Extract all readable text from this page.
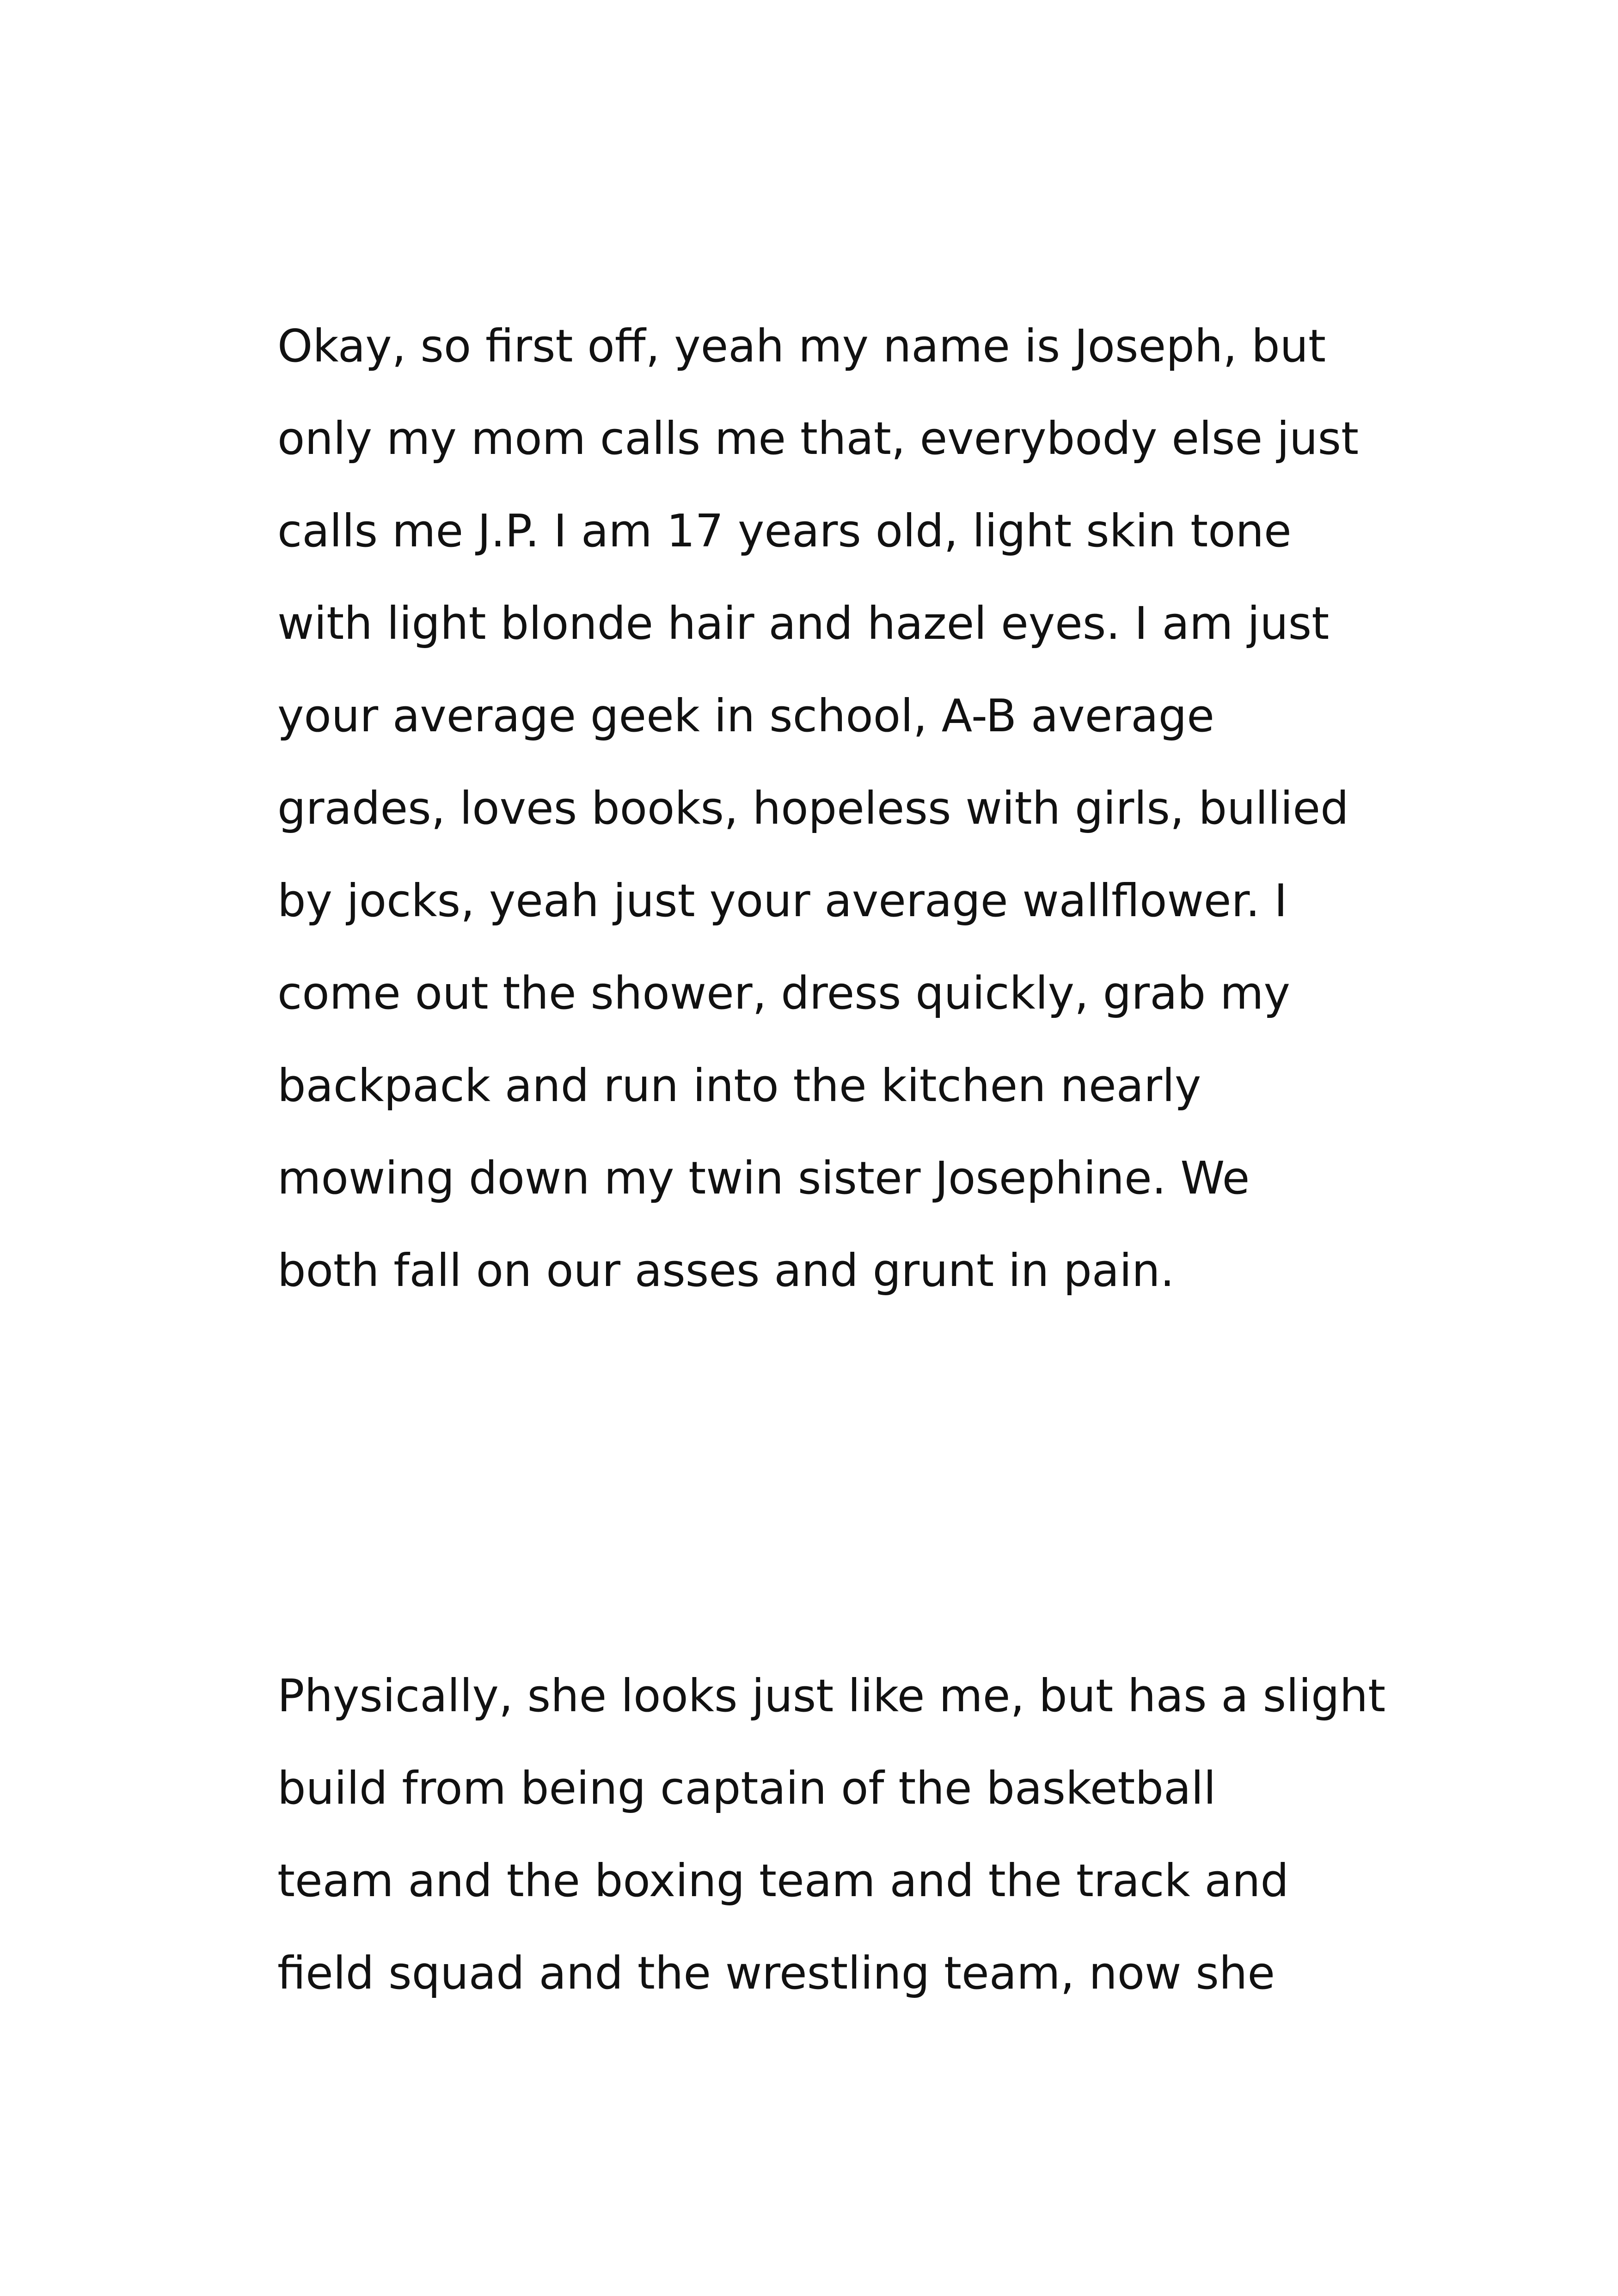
Okay, so first off, yeah my name is Joseph, but
only my mom calls me that, everybody else just
calls me J.P. I am 17 years old, light skin tone
with light blonde hair and hazel eyes. I am just
your average geek in school, A-B average
grades, loves books, hopeless with girls, bullied
by jocks, yeah just your average wallflower. I
come out the shower, dress quickly, grab my
backpack and run into the kitchen nearly
mowing down my twin sister Josephine. We
both fall on our asses and grunt in pain.
Physically, she looks just like me, but has a slight
build from being captain of the basketball
team and the boxing team and the track and
field squad and the wrestling team, now she
